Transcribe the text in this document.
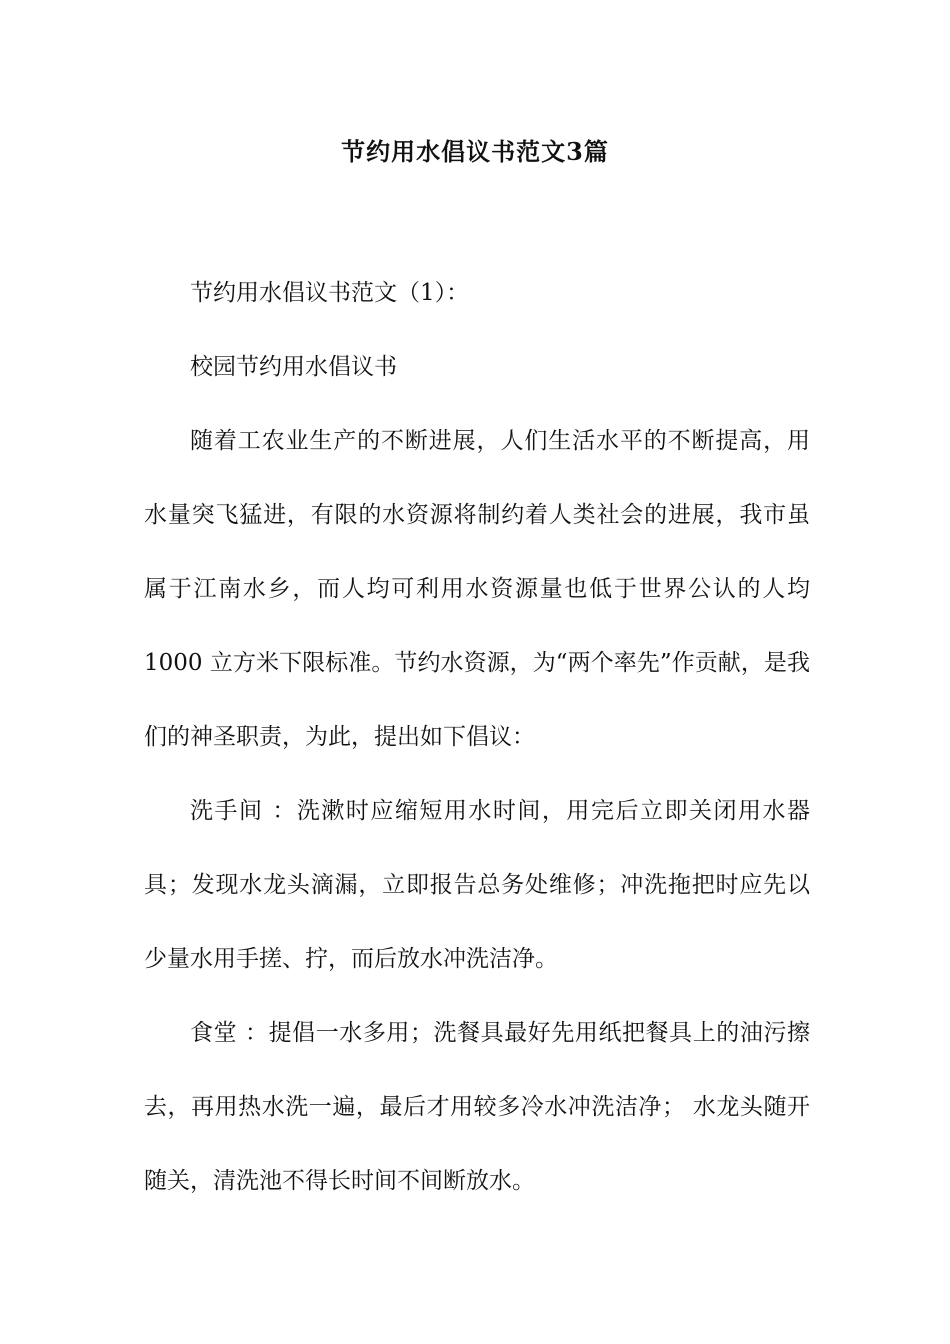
节约用水倡议书范文3篇

节约用水倡议书范文（1）：

校园节约用水倡议书

随着工农业生产的不断进展，人们生活水平的不断提高，用水量突飞猛进，有限的水资源将制约着人类社会的进展，我市虽属于江南水乡，而人均可利用水资源量也低于世界公认的人均 1000 立方米下限标准。节约水资源，为“两个率先”作贡献，是我们的神圣职责，为此，提出如下倡议：

洗手间 ：洗漱时应缩短用水时间，用完后立即关闭用水器具；发现水龙头滴漏，立即报告总务处维修；冲洗拖把时应先以少量水用手搓、拧，而后放水冲洗洁净。

食堂 ：提倡一水多用；洗餐具最好先用纸把餐具上的油污擦去，再用热水洗一遍，最后才用较多冷水冲洗洁净； 水龙头随开随关，清洗池不得长时间不间断放水。
